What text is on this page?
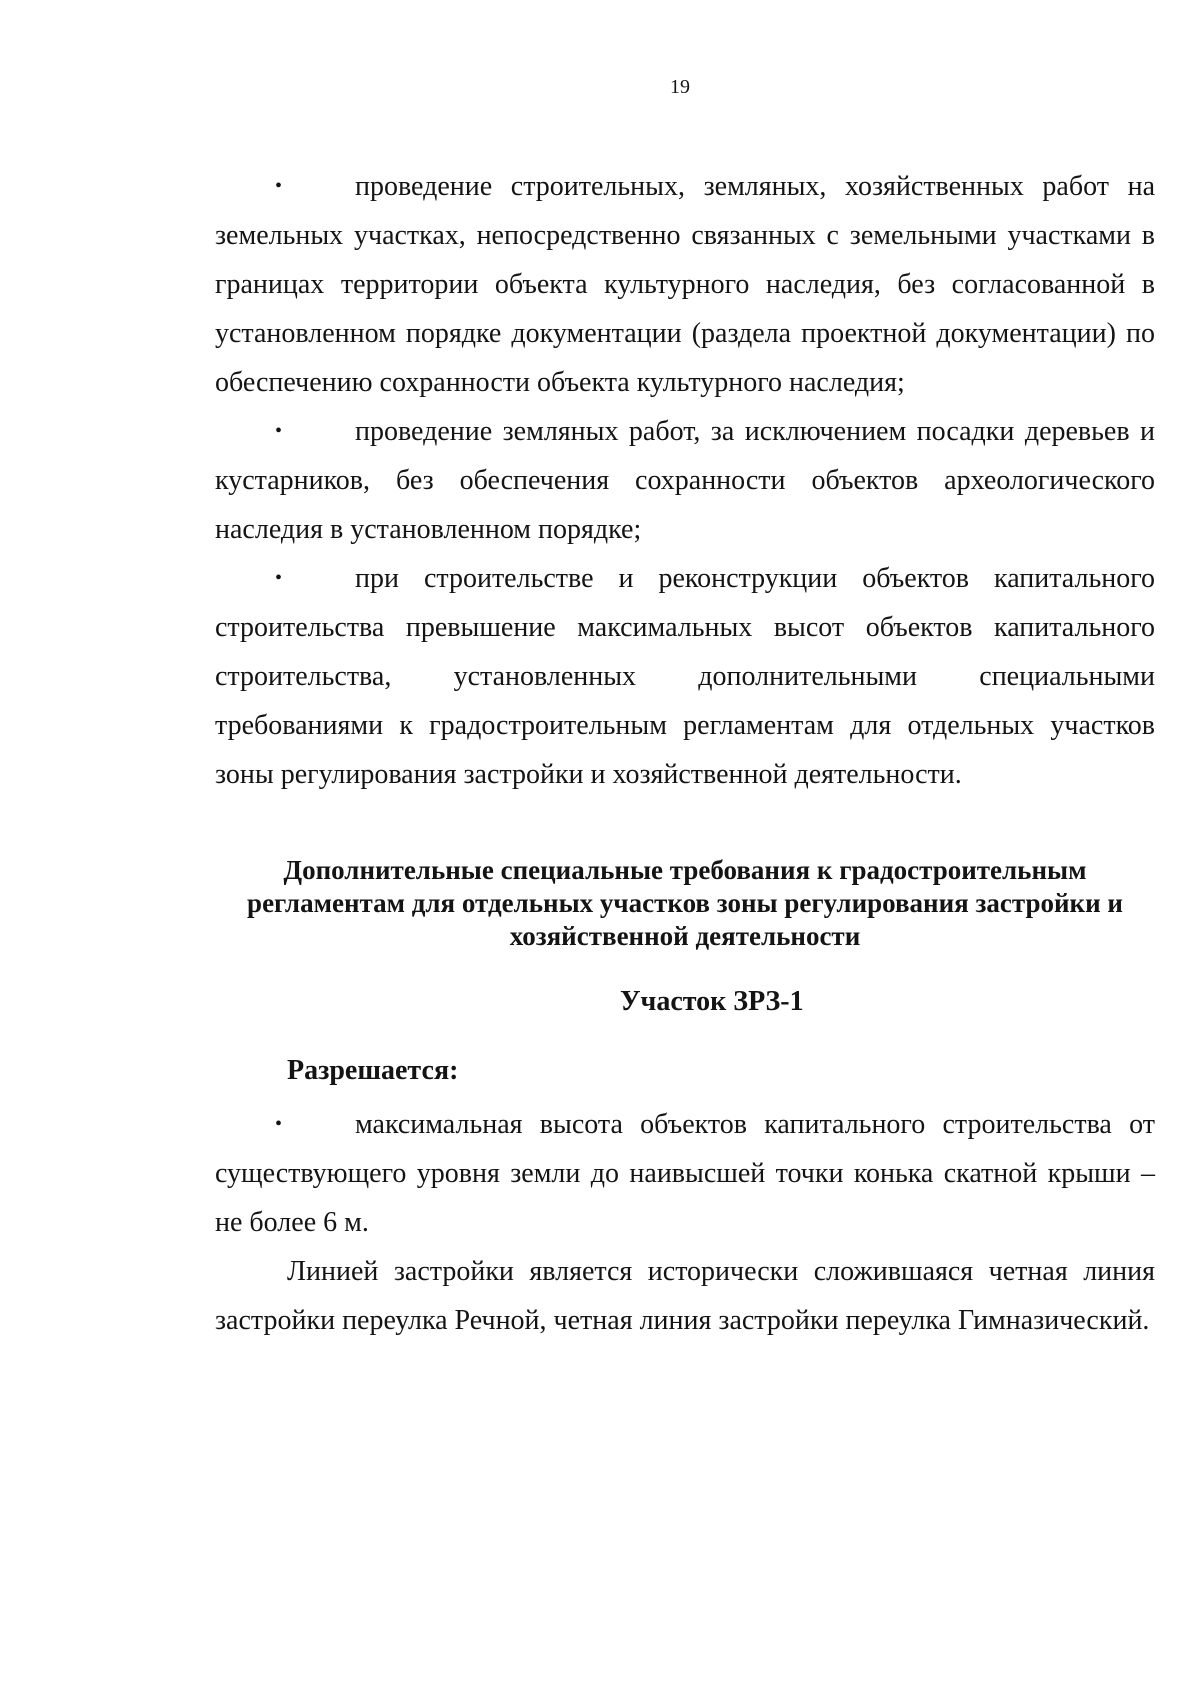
19

•	проведение строительных, земляных, хозяйственных работ на земельных участках, непосредственно связанных с земельными участками в границах территории объекта культурного наследия, без согласованной в установленном порядке документации (раздела проектной документации) по обеспечению сохранности объекта культурного наследия;

•	проведение земляных работ, за исключением посадки деревьев и кустарников, без обеспечения сохранности объектов археологического наследия в установленном порядке;

•	при строительстве и реконструкции объектов капитального строительства превышение максимальных высот объектов капитального строительства, установленных дополнительными специальными требованиями к градостроительным регламентам для отдельных участков зоны регулирования застройки и хозяйственной деятельности.

Дополнительные специальные требования к градостроительным
регламентам для отдельных участков зоны регулирования застройки и
хозяйственной деятельности
Участок ЗРЗ-1
Разрешается:

•	максимальная высота объектов капитального строительства от существующего уровня земли до наивысшей точки конька скатной крыши – не более 6 м.

Линией застройки является исторически сложившаяся четная линия застройки переулка Речной, четная линия застройки переулка Гимназический.
